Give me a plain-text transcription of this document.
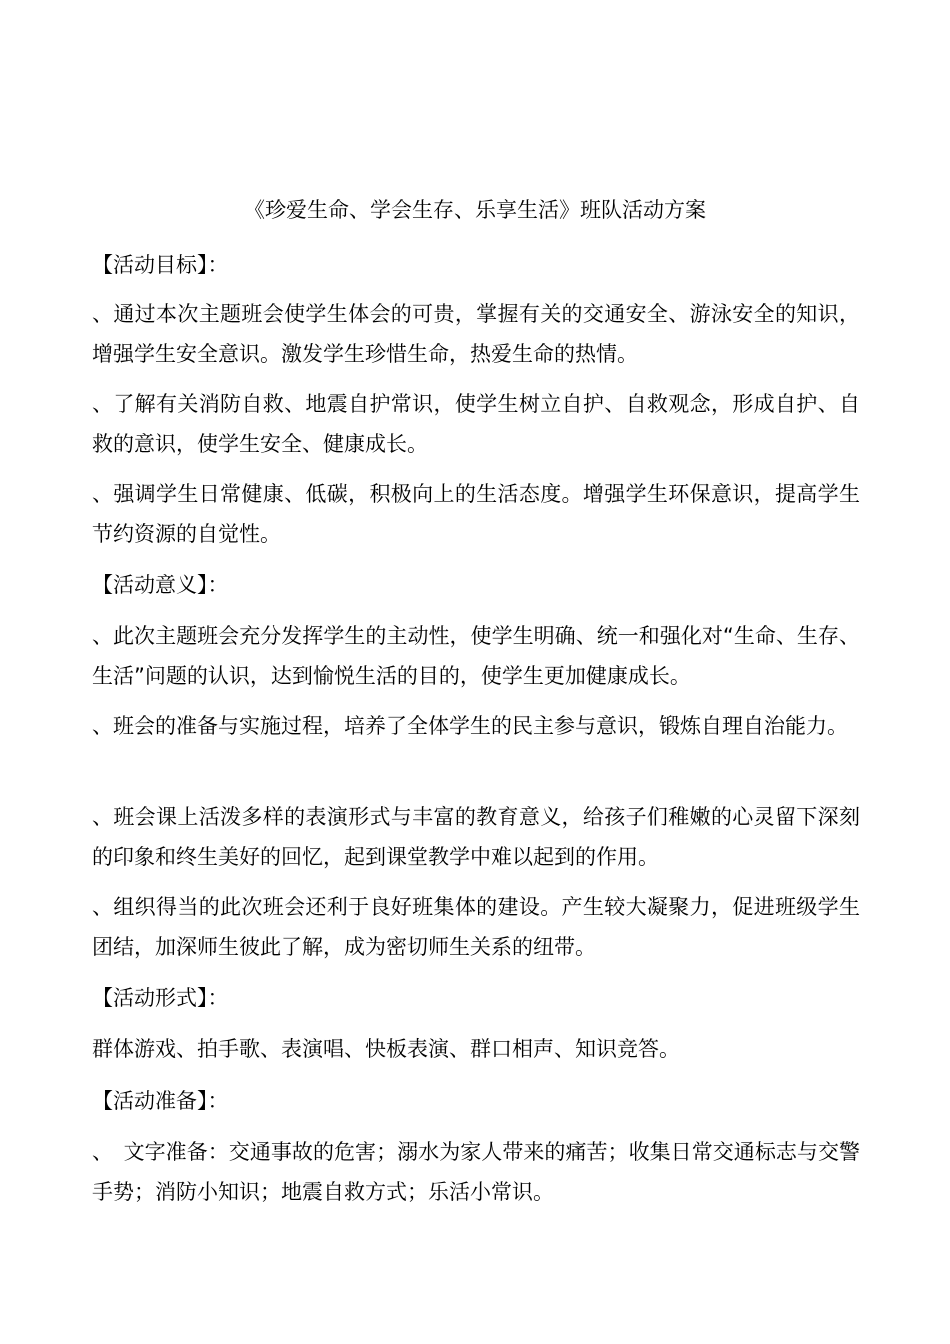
《珍爱生命、学会生存、乐享生活》班队活动方案

【活动目标】：

、通过本次主题班会使学生体会的可贵，掌握有关的交通安全、游泳安全的知识，增强学生安全意识。激发学生珍惜生命，热爱生命的热情。

、了解有关消防自救、地震自护常识，使学生树立自护、自救观念，形成自护、自救的意识，使学生安全、健康成长。

、强调学生日常健康、低碳，积极向上的生活态度。增强学生环保意识，提高学生节约资源的自觉性。

【活动意义】：

、此次主题班会充分发挥学生的主动性，使学生明确、统一和强化对“生命、生存、生活”问题的认识，达到愉悦生活的目的，使学生更加健康成长。

、班会的准备与实施过程，培养了全体学生的民主参与意识，锻炼自理自治能力。

、班会课上活泼多样的表演形式与丰富的教育意义，给孩子们稚嫩的心灵留下深刻的印象和终生美好的回忆，起到课堂教学中难以起到的作用。

、组织得当的此次班会还利于良好班集体的建设。产生较大凝聚力，促进班级学生团结，加深师生彼此了解，成为密切师生关系的纽带。

【活动形式】：

群体游戏、拍手歌、表演唱、快板表演、群口相声、知识竞答。

【活动准备】：

、　文字准备：交通事故的危害；溺水为家人带来的痛苦；收集日常交通标志与交警手势；消防小知识；地震自救方式；乐活小常识。
